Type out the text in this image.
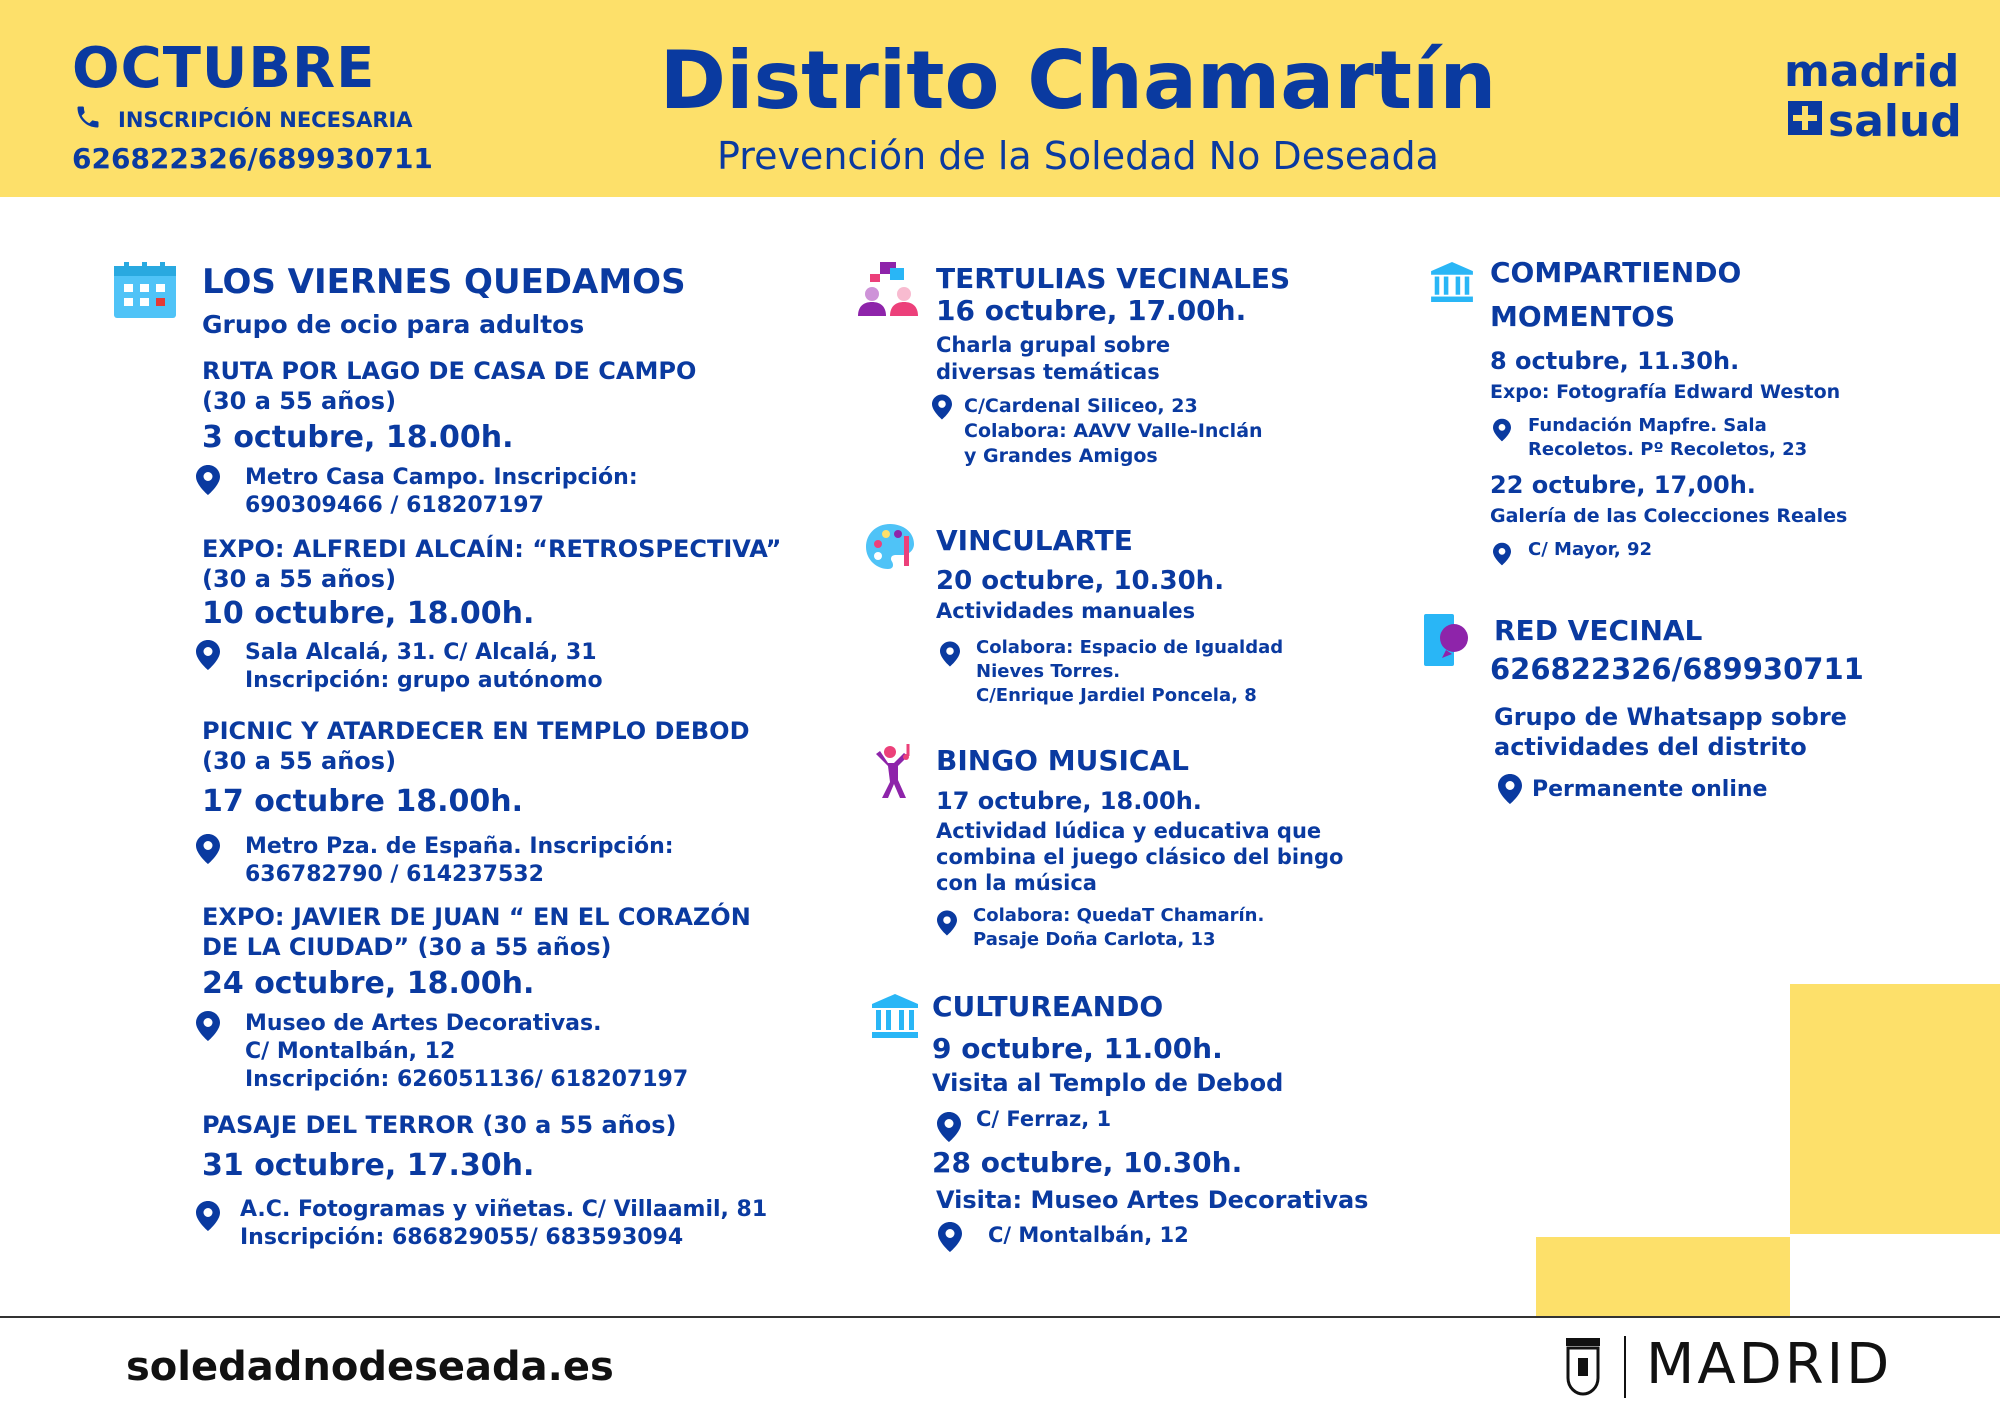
OCTUBRE
INSCRIPCIÓN NECESARIA
626822326/689930711
Distrito Chamartín
Prevención de la Soledad No Deseada
madrid
salud
LOS VIERNES QUEDAMOS
Grupo de ocio para adultos
RUTA POR LAGO DE CASA DE CAMPO
(30 a 55 años)
3 octubre, 18.00h.
Metro Casa Campo. Inscripción:
690309466 / 618207197
EXPO: ALFREDI ALCAÍN: “RETROSPECTIVA”
(30 a 55 años)
10 octubre, 18.00h.
Sala Alcalá, 31. C/ Alcalá, 31
Inscripción: grupo autónomo
PICNIC Y ATARDECER EN TEMPLO DEBOD
(30 a 55 años)
17 octubre 18.00h.
Metro Pza. de España. Inscripción:
636782790 / 614237532
EXPO: JAVIER DE JUAN “ EN EL CORAZÓN
DE LA CIUDAD” (30 a 55 años)
24 octubre, 18.00h.
Museo de Artes Decorativas.
C/ Montalbán, 12
Inscripción: 626051136/ 618207197
PASAJE DEL TERROR (30 a 55 años)
31 octubre, 17.30h.
A.C. Fotogramas y viñetas. C/ Villaamil, 81
Inscripción: 686829055/ 683593094
TERTULIAS VECINALES
16 octubre, 17.00h.
Charla grupal sobre
diversas temáticas
C/Cardenal Siliceo, 23
Colabora: AAVV Valle-Inclán
y Grandes Amigos
VINCULARTE
20 octubre, 10.30h.
Actividades manuales
Colabora: Espacio de Igualdad
Nieves Torres.
C/Enrique Jardiel Poncela, 8
BINGO MUSICAL
17 octubre, 18.00h.
Actividad lúdica y educativa que
combina el juego clásico del bingo
con la música
Colabora: QuedaT Chamarín.
Pasaje Doña Carlota, 13
CULTUREANDO
9 octubre, 11.00h.
Visita al Templo de Debod
C/ Ferraz, 1
28 octubre, 10.30h.
Visita: Museo Artes Decorativas
C/ Montalbán, 12
COMPARTIENDO
MOMENTOS
8 octubre, 11.30h.
Expo: Fotografía Edward Weston
Fundación Mapfre. Sala
Recoletos. Pº Recoletos, 23
22 octubre, 17,00h.
Galería de las Colecciones Reales
C/ Mayor, 92
RED VECINAL
626822326/689930711
Grupo de Whatsapp sobre
actividades del distrito
Permanente online
soledadnodeseada.es	MADRID
